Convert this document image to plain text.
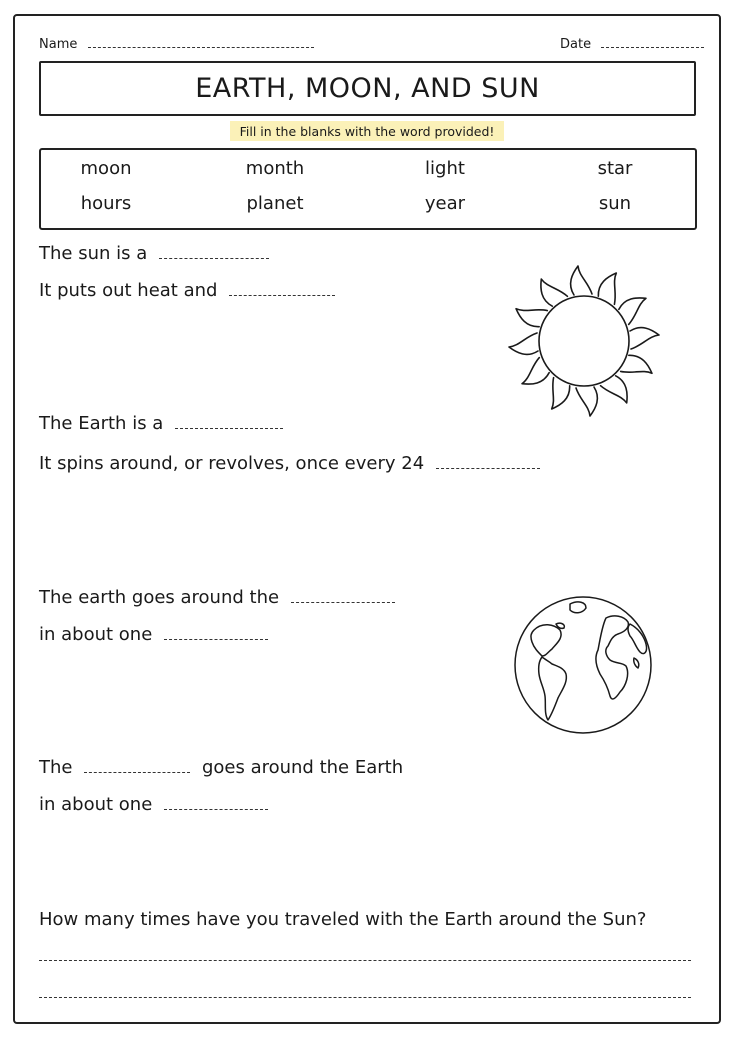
Name	Date
EARTH, MOON, AND SUN
Fill in the blanks with the word provided!
moon	month	light	star
hours	planet	year	sun
The sun is a
It puts out heat and
The Earth is a
It spins around, or revolves, once every 24
The earth goes around the
in about one
The	goes around the Earth
in about one
How many times have you traveled with the Earth around the Sun?
